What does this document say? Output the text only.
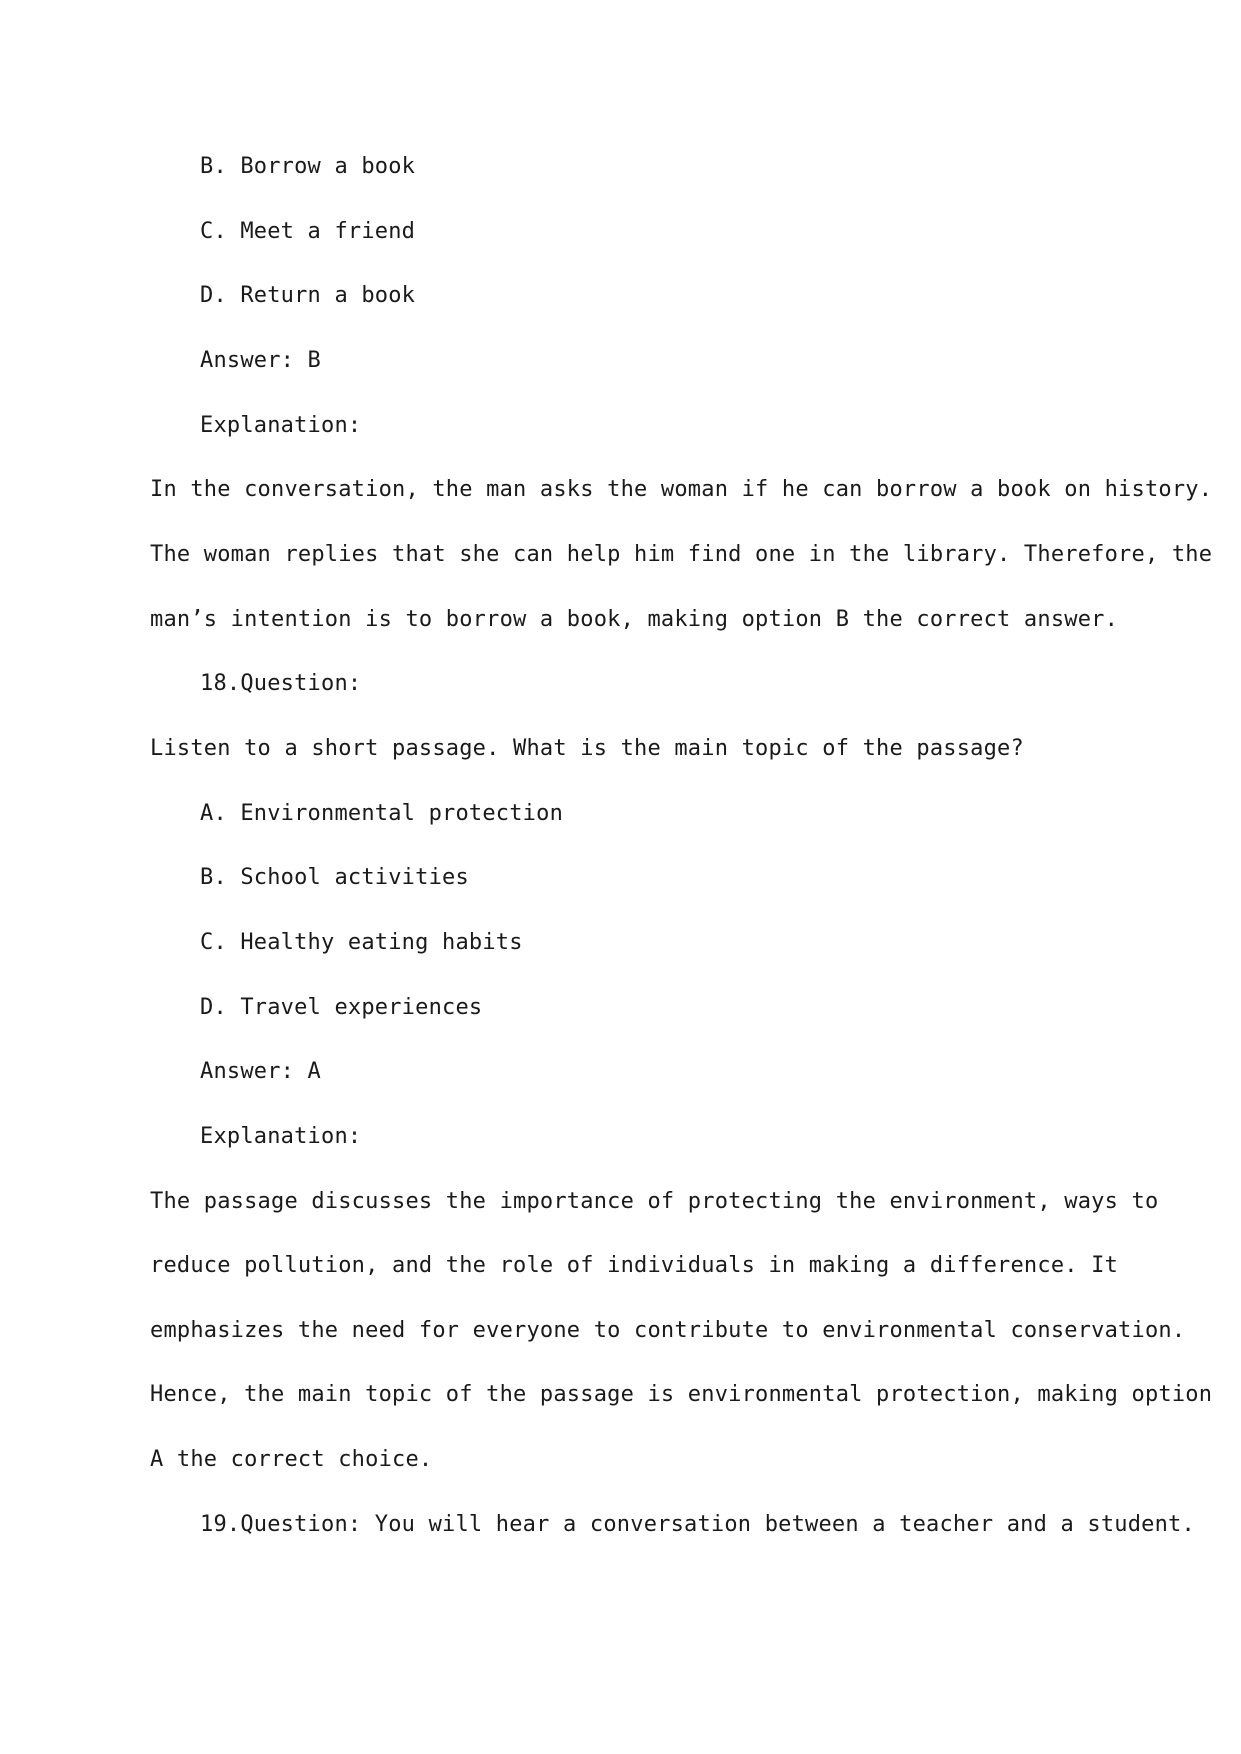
B. Borrow a book
C. Meet a friend
D. Return a book
Answer: B
Explanation:
In the conversation, the man asks the woman if he can borrow a book on history.
The woman replies that she can help him find one in the library. Therefore, the
man’s intention is to borrow a book, making option B the correct answer.
18.Question:
Listen to a short passage. What is the main topic of the passage?
A. Environmental protection
B. School activities
C. Healthy eating habits
D. Travel experiences
Answer: A
Explanation:
The passage discusses the importance of protecting the environment, ways to
reduce pollution, and the role of individuals in making a difference. It
emphasizes the need for everyone to contribute to environmental conservation.
Hence, the main topic of the passage is environmental protection, making option
A the correct choice.
19.Question: You will hear a conversation between a teacher and a student.
